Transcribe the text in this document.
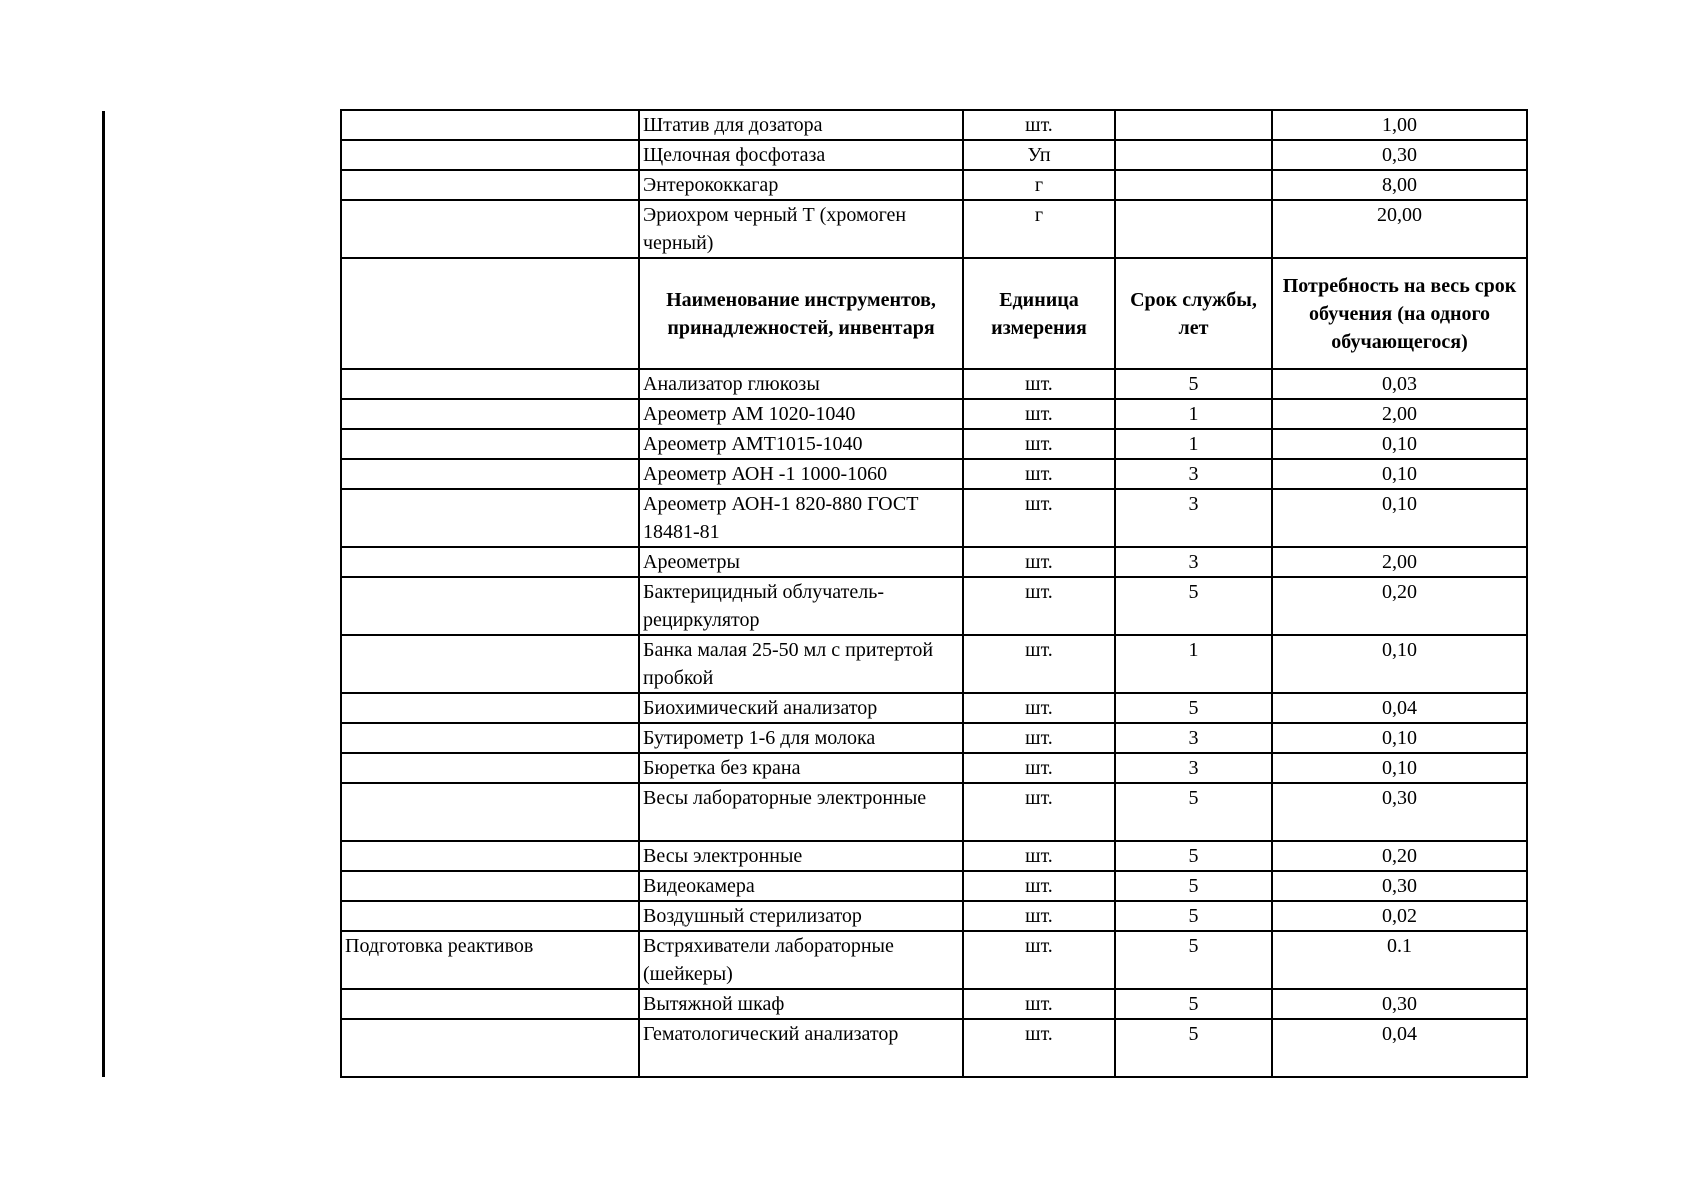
	Штатив для дозатора	шт.		1,00
	Щелочная фосфотаза	Уп		0,30
	Энтерококкагар	г		8,00
	Эриохром черный Т (хромоген черный)	г		20,00
	Наименование инструментов, принадлежностей, инвентаря	Единица измерения	Срок службы, лет	Потребность на весь срок обучения (на одного обучающегося)
	Анализатор глюкозы	шт.	5	0,03
	Ареометр АМ 1020-1040	шт.	1	2,00
	Ареометр АМТ1015-1040	шт.	1	0,10
	Ареометр АОН -1 1000-1060	шт.	3	0,10
	Ареометр АОН-1 820-880 ГОСТ 18481-81	шт.	3	0,10
	Ареометры	шт.	3	2,00
	Бактерицидный облучатель-рециркулятор	шт.	5	0,20
	Банка малая 25-50 мл с притертой пробкой	шт.	1	0,10
	Биохимический анализатор	шт.	5	0,04
	Бутирометр 1-6 для молока	шт.	3	0,10
	Бюретка без крана	шт.	3	0,10
	Весы лабораторные электронные	шт.	5	0,30
	Весы электронные	шт.	5	0,20
	Видеокамера	шт.	5	0,30
	Воздушный стерилизатор	шт.	5	0,02
Подготовка реактивов	Встряхиватели лабораторные (шейкеры)	шт.	5	0.1
	Вытяжной шкаф	шт.	5	0,30
	Гематологический анализатор	шт.	5	0,04
